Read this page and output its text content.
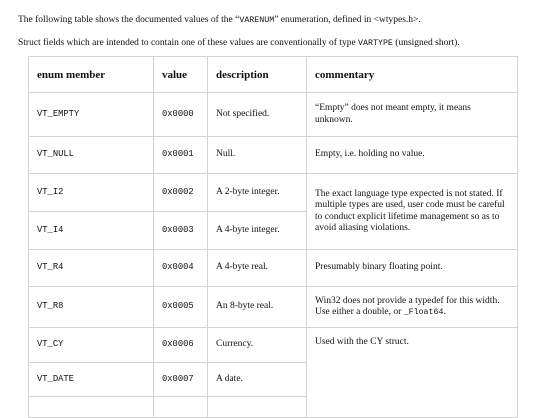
The following table shows the documented values of the “VARENUM” enumeration, defined in <wtypes.h>.

Struct fields which are intended to contain one of these values are conventionally of type VARTYPE (unsigned short).

enum member	value	description	commentary
VT_EMPTY	0x0000	Not specified.	“Empty” does not meant empty, it means unknown.
VT_NULL	0x0001	Null.	Empty, i.e. holding no value.
VT_I2	0x0002	A 2-byte integer.	The exact language type expected is not stated. If multiple types are used, user code must be careful to conduct explicit lifetime management so as to avoid aliasing violations.
VT_I4	0x0003	A 4-byte integer.	
VT_R4	0x0004	A 4-byte real.	Presumably binary floating point.
VT_R8	0x0005	An 8-byte real.	Win32 does not provide a typedef for this width. Use either a double, or _Float64.
VT_CY	0x0006	Currency.	Used with the CY struct.
VT_DATE	0x0007	A date.	
